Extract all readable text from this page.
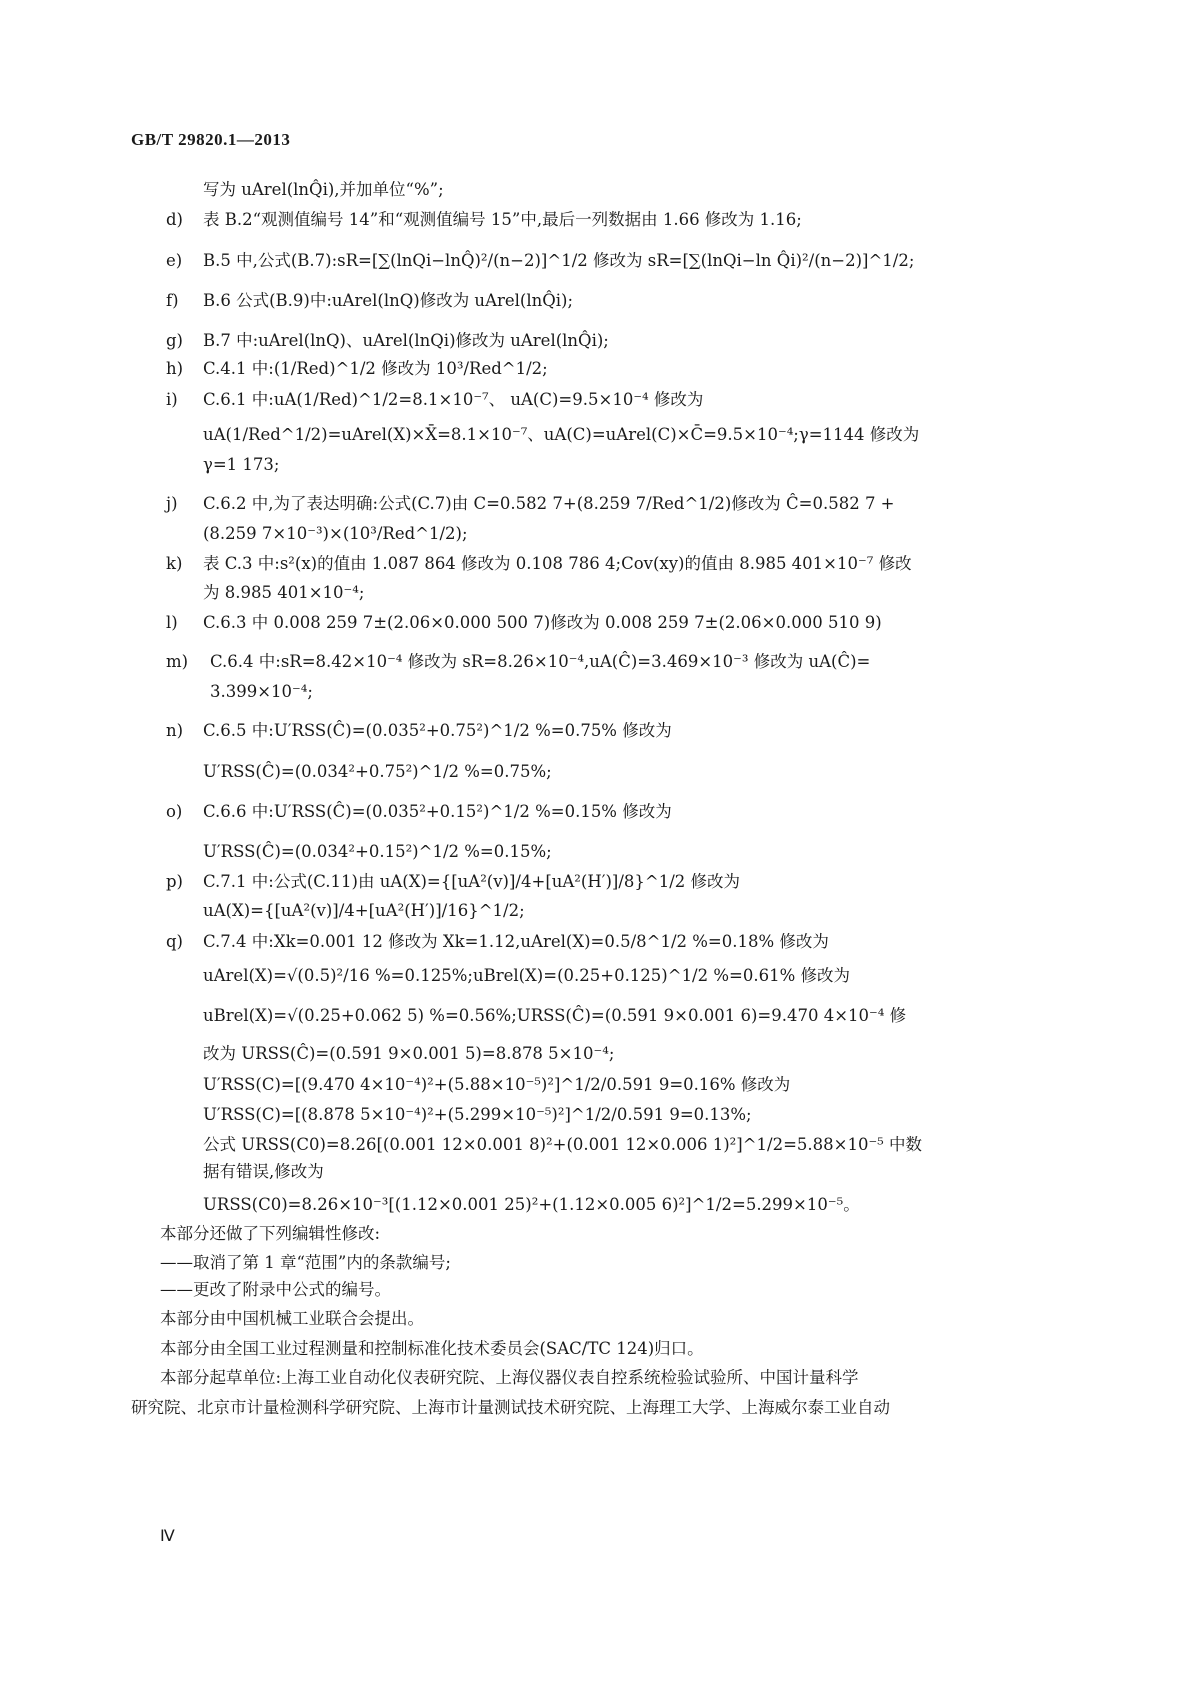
GB/T 29820.1—2013
写为 uArel(lnQ̂i),并加单位“%”;
d) 表 B.2“观测值编号 14”和“观测值编号 15”中,最后一列数据由 1.66 修改为 1.16;
e) B.5 中,公式(B.7):sR=[∑(lnQi−lnQ̂)²/(n−2)]^1/2 修改为 sR=[∑(lnQi−ln Q̂i)²/(n−2)]^1/2;
f) B.6 公式(B.9)中:uArel(lnQ)修改为 uArel(lnQ̂i);
g) B.7 中:uArel(lnQ)、uArel(lnQi)修改为 uArel(lnQ̂i);
h) C.4.1 中:(1/Red)^1/2 修改为 10³/Red^1/2;
i) C.6.1 中:uA(1/Red)^1/2=8.1×10⁻⁷、 uA(C)=9.5×10⁻⁴ 修改为
uA(1/Red^1/2)=uArel(X)×X̄=8.1×10⁻⁷、uA(C)=uArel(C)×C̄=9.5×10⁻⁴;γ=1144 修改为
γ=1 173;
j) C.6.2 中,为了表达明确:公式(C.7)由 C=0.582 7+(8.259 7/Red^1/2)修改为 Ĉ=0.582 7 +
(8.259 7×10⁻³)×(10³/Red^1/2);
k) 表 C.3 中:s²(x)的值由 1.087 864 修改为 0.108 786 4;Cov(xy)的值由 8.985 401×10⁻⁷ 修改
为 8.985 401×10⁻⁴;
l) C.6.3 中 0.008 259 7±(2.06×0.000 500 7)修改为 0.008 259 7±(2.06×0.000 510 9)
m) C.6.4 中:sR=8.42×10⁻⁴ 修改为 sR=8.26×10⁻⁴,uA(Ĉ)=3.469×10⁻³ 修改为 uA(Ĉ)=
3.399×10⁻⁴;
n) C.6.5 中:U′RSS(Ĉ)=(0.035²+0.75²)^1/2 %=0.75% 修改为
U′RSS(Ĉ)=(0.034²+0.75²)^1/2 %=0.75%;
o) C.6.6 中:U′RSS(Ĉ)=(0.035²+0.15²)^1/2 %=0.15% 修改为
U′RSS(Ĉ)=(0.034²+0.15²)^1/2 %=0.15%;
p) C.7.1 中:公式(C.11)由 uA(X)={[uA²(v)]/4+[uA²(H′)]/8}^1/2 修改为
uA(X)={[uA²(v)]/4+[uA²(H′)]/16}^1/2;
q) C.7.4 中:Xk=0.001 12 修改为 Xk=1.12,uArel(X)=0.5/8^1/2 %=0.18% 修改为
uArel(X)=√(0.5)²/16 %=0.125%;uBrel(X)=(0.25+0.125)^1/2 %=0.61% 修改为
uBrel(X)=√(0.25+0.062 5) %=0.56%;URSS(Ĉ)=(0.591 9×0.001 6)=9.470 4×10⁻⁴ 修
改为 URSS(Ĉ)=(0.591 9×0.001 5)=8.878 5×10⁻⁴;
U′RSS(C)=[(9.470 4×10⁻⁴)²+(5.88×10⁻⁵)²]^1/2/0.591 9=0.16% 修改为
U′RSS(C)=[(8.878 5×10⁻⁴)²+(5.299×10⁻⁵)²]^1/2/0.591 9=0.13%;
公式 URSS(C0)=8.26[(0.001 12×0.001 8)²+(0.001 12×0.006 1)²]^1/2=5.88×10⁻⁵ 中数
据有错误,修改为
URSS(C0)=8.26×10⁻³[(1.12×0.001 25)²+(1.12×0.005 6)²]^1/2=5.299×10⁻⁵。
本部分还做了下列编辑性修改:
——取消了第 1 章“范围”内的条款编号;
——更改了附录中公式的编号。
本部分由中国机械工业联合会提出。
本部分由全国工业过程测量和控制标准化技术委员会(SAC/TC 124)归口。
本部分起草单位:上海工业自动化仪表研究院、上海仪器仪表自控系统检验试验所、中国计量科学
研究院、北京市计量检测科学研究院、上海市计量测试技术研究院、上海理工大学、上海威尔泰工业自动
Ⅳ
